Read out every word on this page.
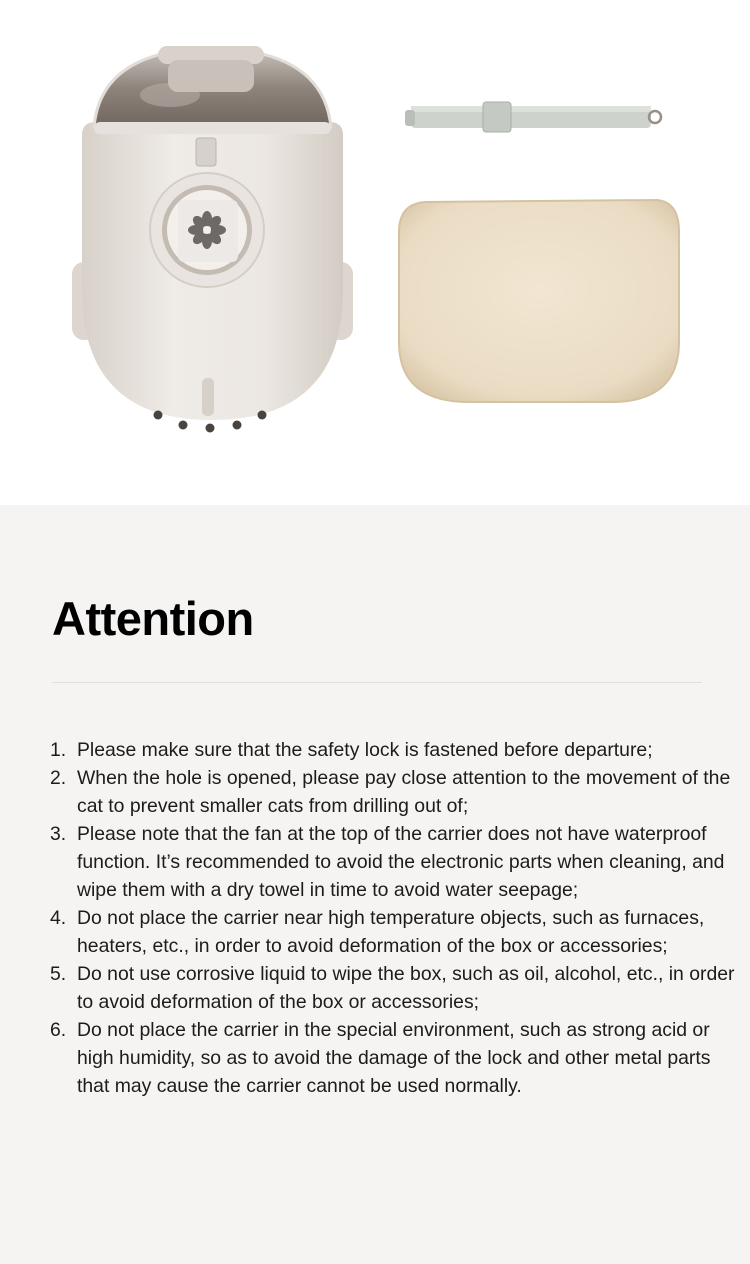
Attention
1. Please make sure that the safety lock is fastened before departure;
2. When the hole is opened, please pay close attention to the movement of the cat to prevent smaller cats from drilling out of;
3. Please note that the fan at the top of the carrier does not have waterproof function. It’s recommended to avoid the electronic parts when cleaning, and wipe them with a dry towel in time to avoid water seepage;
4. Do not place the carrier near high temperature objects, such as furnaces, heaters, etc., in order to avoid deformation of the box or accessories;
5. Do not use corrosive liquid to wipe the box, such as oil, alcohol, etc., in order to avoid deformation of the box or accessories;
6. Do not place the carrier in the special environment, such as strong acid or high humidity, so as to avoid the damage of the lock and other metal parts that may cause the carrier cannot be used normally.
